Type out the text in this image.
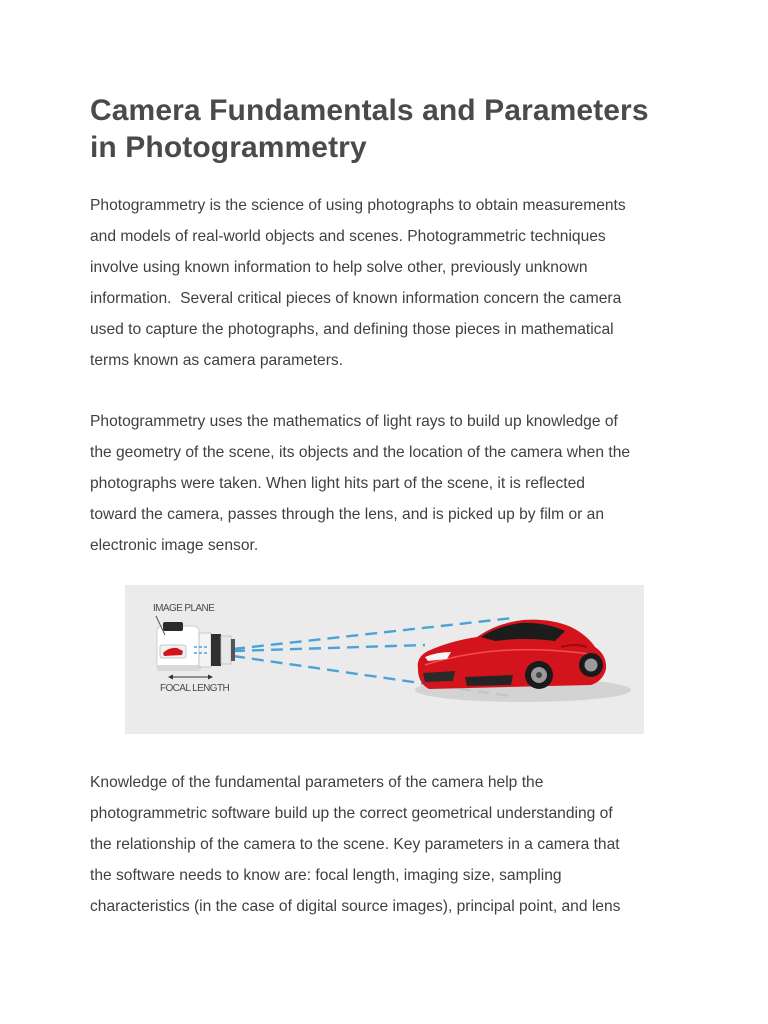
Camera Fundamentals and Parameters
in Photogrammetry

Photogrammetry is the science of using photographs to obtain measurements
and models of real-world objects and scenes. Photogrammetric techniques
involve using known information to help solve other, previously unknown
information.  Several critical pieces of known information concern the camera
used to capture the photographs, and defining those pieces in mathematical
terms known as camera parameters.

Photogrammetry uses the mathematics of light rays to build up knowledge of
the geometry of the scene, its objects and the location of the camera when the
photographs were taken. When light hits part of the scene, it is reflected
toward the camera, passes through the lens, and is picked up by film or an
electronic image sensor.

Knowledge of the fundamental parameters of the camera help the
photogrammetric software build up the correct geometrical understanding of
the relationship of the camera to the scene. Key parameters in a camera that
the software needs to know are: focal length, imaging size, sampling
characteristics (in the case of digital source images), principal point, and lens

IMAGE PLANE
FOCAL LENGTH
